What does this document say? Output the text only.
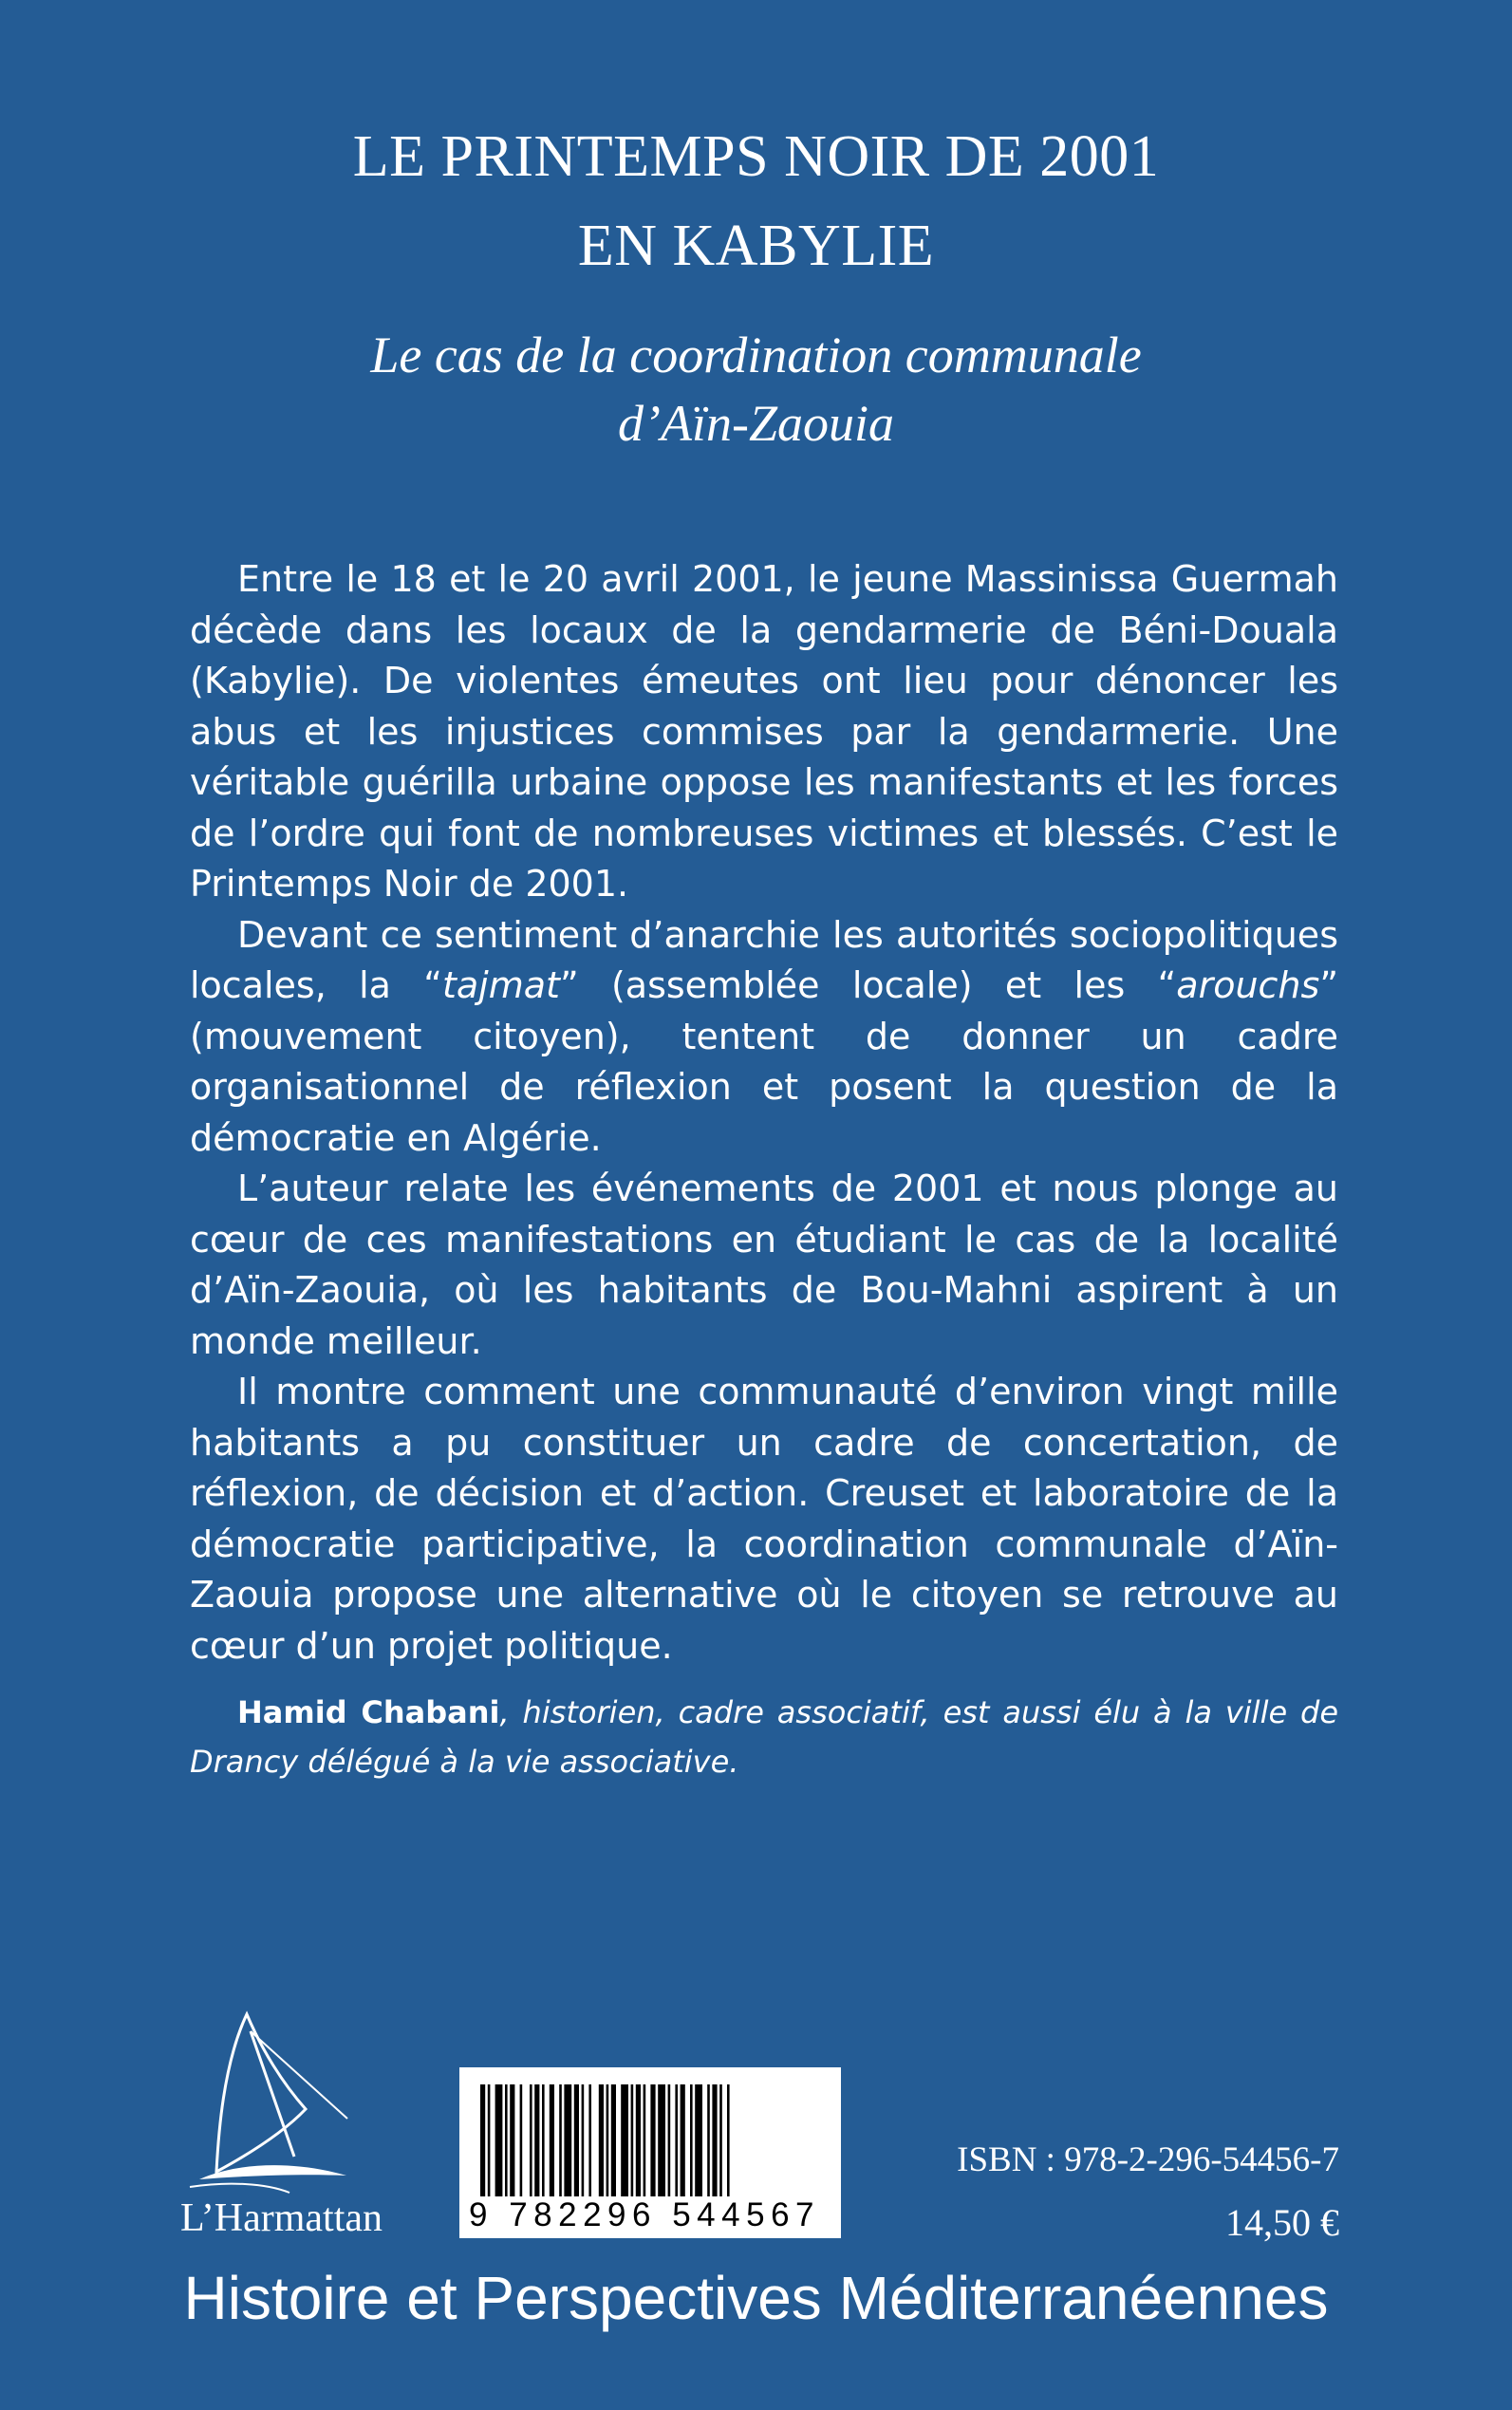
LE PRINTEMPS NOIR DE 2001
EN KABYLIE
Le cas de la coordination communale
d’Aïn-Zaouia

Entre le 18 et le 20 avril 2001, le jeune Massinissa Guermah décède dans les locaux de la gendarmerie de Béni-Douala (Kabylie). De violentes émeutes ont lieu pour dénoncer les abus et les injustices commises par la gendarmerie. Une véritable guérilla urbaine oppose les manifestants et les forces de l’ordre qui font de nombreuses victimes et blessés. C’est le Printemps Noir de 2001.

Devant ce sentiment d’anarchie les autorités sociopolitiques locales, la “tajmat” (assemblée locale) et les “arouchs” (mouvement citoyen), tentent de donner un cadre organisationnel de réflexion et posent la question de la démocratie en Algérie.

L’auteur relate les événements de 2001 et nous plonge au cœur de ces manifestations en étudiant le cas de la localité d’Aïn-Zaouia, où les habitants de Bou-Mahni aspirent à un monde meilleur.

Il montre comment une communauté d’environ vingt mille habitants a pu constituer un cadre de concertation, de réflexion, de décision et d’action. Creuset et laboratoire de la démocratie participative, la coordination communale d’Aïn-Zaouia propose une alternative où le citoyen se retrouve au cœur d’un projet politique.

Hamid Chabani, historien, cadre associatif, est aussi élu à la ville de Drancy délégué à la vie associative.
L’Harmattan	9 782296 544567
ISBN : 978-2-296-54456-7
14,50 €
Histoire et Perspectives Méditerranéennes
